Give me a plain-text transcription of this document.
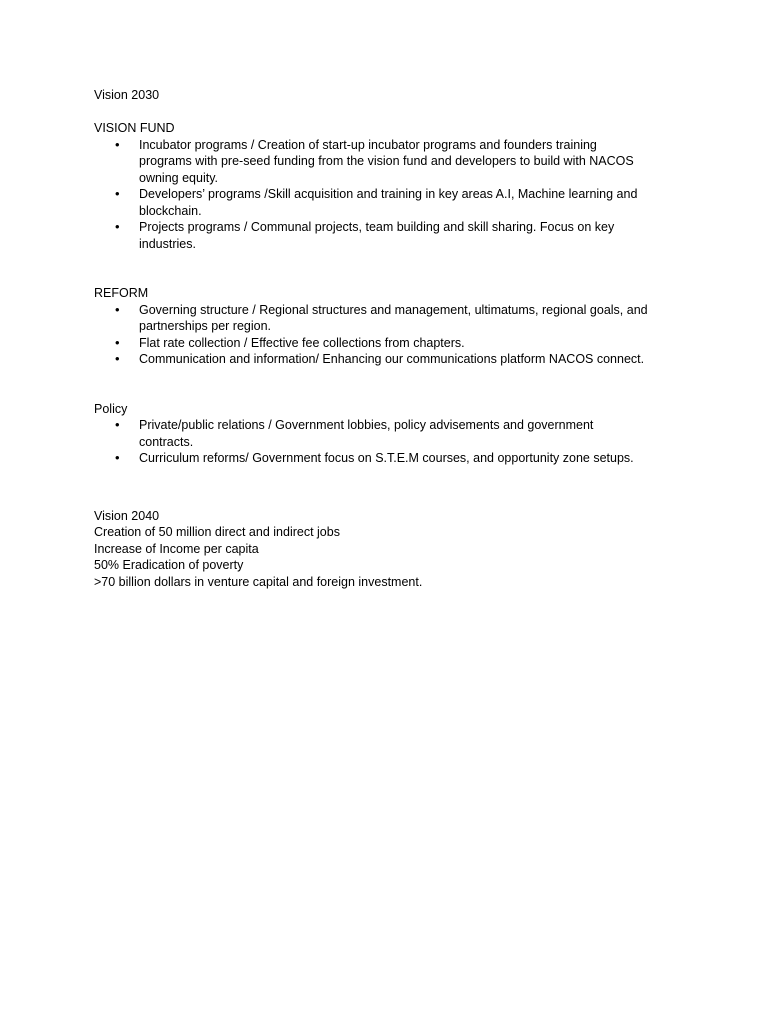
Vision 2030

VISION FUND

• Incubator programs / Creation of start-up incubator programs and founders training
programs with pre-seed funding from the vision fund and developers to build with NACOS
owning equity.
• Developers’ programs /Skill acquisition and training in key areas A.I, Machine learning and
blockchain.
• Projects programs / Communal projects, team building and skill sharing. Focus on key
industries.

REFORM

• Governing structure / Regional structures and management, ultimatums, regional goals, and
partnerships per region.
• Flat rate collection / Effective fee collections from chapters.
• Communication and information/ Enhancing our communications platform NACOS connect.

Policy

• Private/public relations / Government lobbies, policy advisements and government
contracts.
• Curriculum reforms/ Government focus on S.T.E.M courses, and opportunity zone setups.

Vision 2040

Creation of 50 million direct and indirect jobs

Increase of Income per capita

50% Eradication of poverty

>70 billion dollars in venture capital and foreign investment.
